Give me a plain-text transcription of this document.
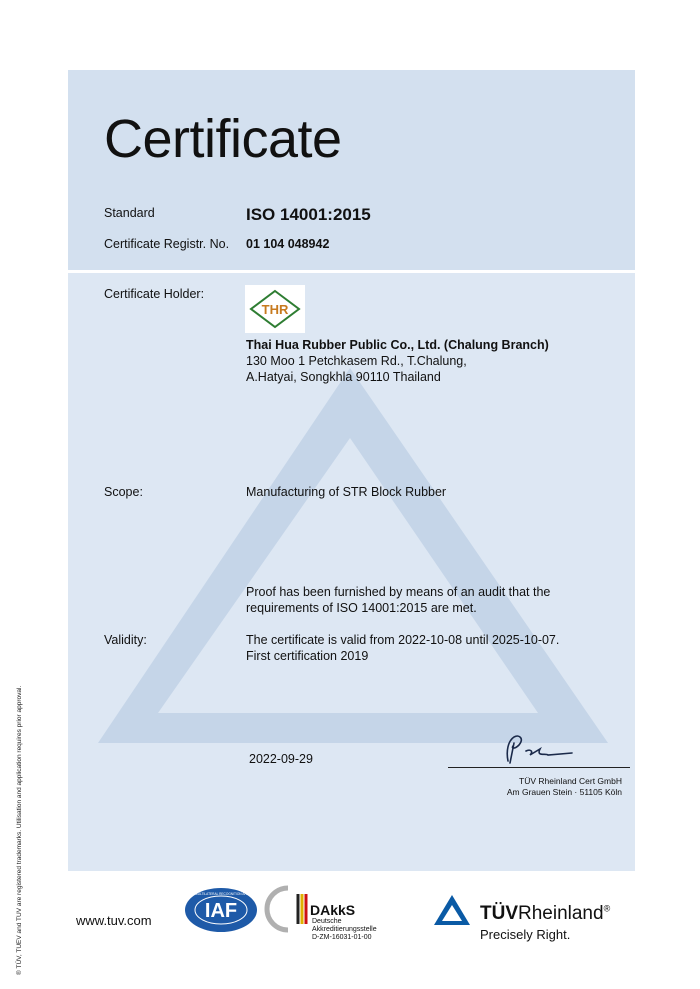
Certificate
Standard	ISO 14001:2015
Certificate Registr. No. 01 104 048942
Certificate Holder:
THR
Thai Hua Rubber Public Co., Ltd. (Chalung Branch)
130 Moo 1 Petchkasem Rd., T.Chalung,
A.Hatyai, Songkhla 90110 Thailand
Scope:	Manufacturing of STR Block Rubber
Proof has been furnished by means of an audit that the
requirements of ISO 14001:2015 are met.
Validity:	The certificate is valid from 2022-10-08 until 2025-10-07.
First certification 2019
2022-09-29
TÜV Rheinland Cert GmbH
Am Grauen Stein · 51105 Köln
www.tuv.com	IAF
MEMBER OF MULTILATERAL RECOGNITION ARRANGEMENT
DAkkS
Deutsche
Akkreditierungsstelle
D-ZM-16031-01-00
TÜVRheinland®
Precisely Right.
® TÜV, TUEV and TUV are registered trademarks. Utilisation and application requires prior approval.
